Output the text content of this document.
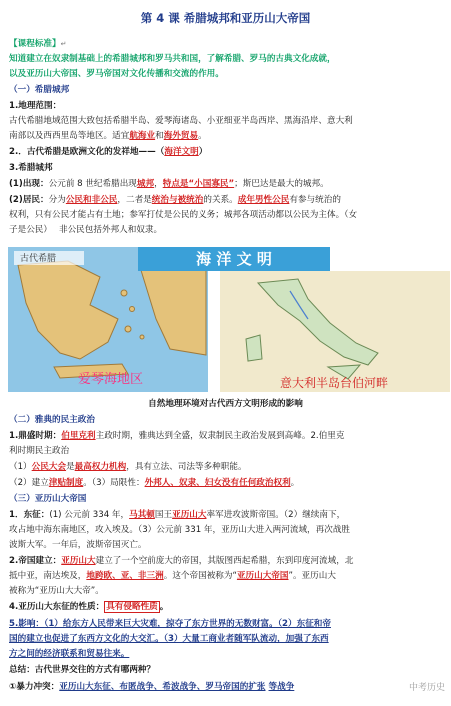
第 4 课 希腊城邦和亚历山大帝国
【课程标准】↵
知道建立在奴隶制基础上的希腊城邦和罗马共和国，了解希腊、罗马的古典文化成就，
以及亚历山大帝国、罗马帝国对文化传播和交流的作用。
（一）希腊城邦
1.地理范围：
古代希腊地域范围大致包括希腊半岛、爱琴海诸岛、小亚细亚半岛西岸、黑海沿岸、意大利
南部以及西西里岛等地区。适宜航海业和海外贸易。
2.．古代希腊是欧洲文化的发祥地——（海洋文明）
3.希腊城邦
(1)出现：公元前 8 世纪希腊出现城邦，特点是“小国寡民”；斯巴达是最大的城邦。
(2)居民：分为公民和非公民，二者是统治与被统治的关系。成年男性公民有参与统治的
权利，只有公民才能占有土地；参军打仗是公民的义务；城邦各项活动都以公民为主体。（女
子是公民）　 非公民包括外邦人和奴隶。
古代希腊
爱琴海地区
海 洋 文 明
意大利半岛台伯河畔
自然地理环境对古代西方文明形成的影响
（二）雅典的民主政治
1.鼎盛时期：伯里克利主政时期，雅典达到全盛，奴隶制民主政治发展到高峰。2.伯里克
利时期民主政治
（1）公民大会是最高权力机构，具有立法、司法等多种职能。
（2）建立津贴制度。（3）局限性：外邦人、奴隶、妇女没有任何政治权利。
（三）亚历山大帝国
1．东征：(1) 公元前 334 年，马其顿国王亚历山大率军进攻波斯帝国。（2）继续南下，
攻占地中海东南地区，攻入埃及。（3）公元前 331 年，亚历山大进入两河流域，再次战胜
波斯大军。一年后，波斯帝国灭亡。
2.帝国建立：亚历山大建立了一个空前庞大的帝国，其版图西起希腊，东到印度河流域，北
抵中亚，南达埃及，地跨欧、亚、非三洲。这个帝国被称为“亚历山大帝国”。亚历山大
被称为“亚历山大大帝”。
4.亚历山大东征的性质： 具有侵略性质 。
5.影响：（1）给东方人民带来巨大灾难，掠夺了东方世界的无数财富。（2）东征和帝
国的建立也促进了东西方文化的大交汇。（3）大量工商业者随军队流动，加强了东西
方之间的经济联系和贸易往来。
总结：古代世界交往的方式有哪两种？
①暴力冲突：亚历山大东征、布匿战争、希波战争、罗马帝国的扩张 等战争	中考历史
